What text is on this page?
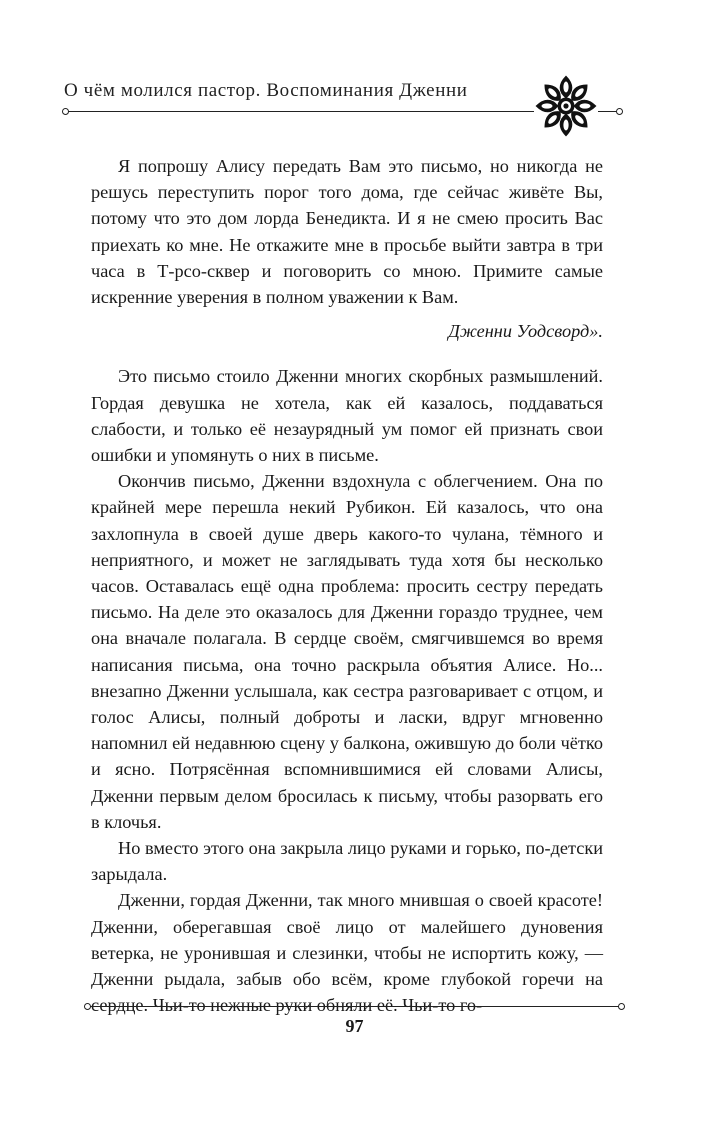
О чём молился пастор. Воспоминания Дженни

Я попрошу Алису передать Вам это письмо, но никогда не решусь переступить порог того дома, где сейчас живёте Вы, потому что это дом лорда Бенедикта. И я не смею просить Вас приехать ко мне. Не откажите мне в просьбе выйти завтра в три часа в Т-рсо-сквер и поговорить со мною. Примите самые искренние уверения в полном уважении к Вам.

Дженни Уодсворд».

Это письмо стоило Дженни многих скорбных размышлений. Гордая девушка не хотела, как ей казалось, поддаваться слабости, и только её незаурядный ум помог ей признать свои ошибки и упомянуть о них в письме.

Окончив письмо, Дженни вздохнула с облегчением. Она по крайней мере перешла некий Рубикон. Ей казалось, что она захлопнула в своей душе дверь какого-то чулана, тёмного и неприятного, и может не заглядывать туда хотя бы несколько часов. Оставалась ещё одна проблема: просить сестру передать письмо. На деле это оказалось для Дженни гораздо труднее, чем она вначале полагала. В сердце своём, смягчившемся во время написания письма, она точно раскрыла объятия Алисе. Но... внезапно Дженни услышала, как сестра разговаривает с отцом, и голос Алисы, полный доброты и ласки, вдруг мгновенно напомнил ей недавнюю сцену у балкона, ожившую до боли чётко и ясно. Потрясённая вспомнившимися ей словами Алисы, Дженни первым делом бросилась к письму, чтобы разорвать его в клочья.

Но вместо этого она закрыла лицо руками и горько, по-детски зарыдала.

Дженни, гордая Дженни, так много мнившая о своей красоте! Дженни, оберегавшая своё лицо от малейшего дуновения ветерка, не уронившая и слезинки, чтобы не испортить кожу, — Дженни рыдала, забыв обо всём, кроме глубокой горечи на сердце. Чьи-то нежные руки обняли её. Чьи-то го-

97
